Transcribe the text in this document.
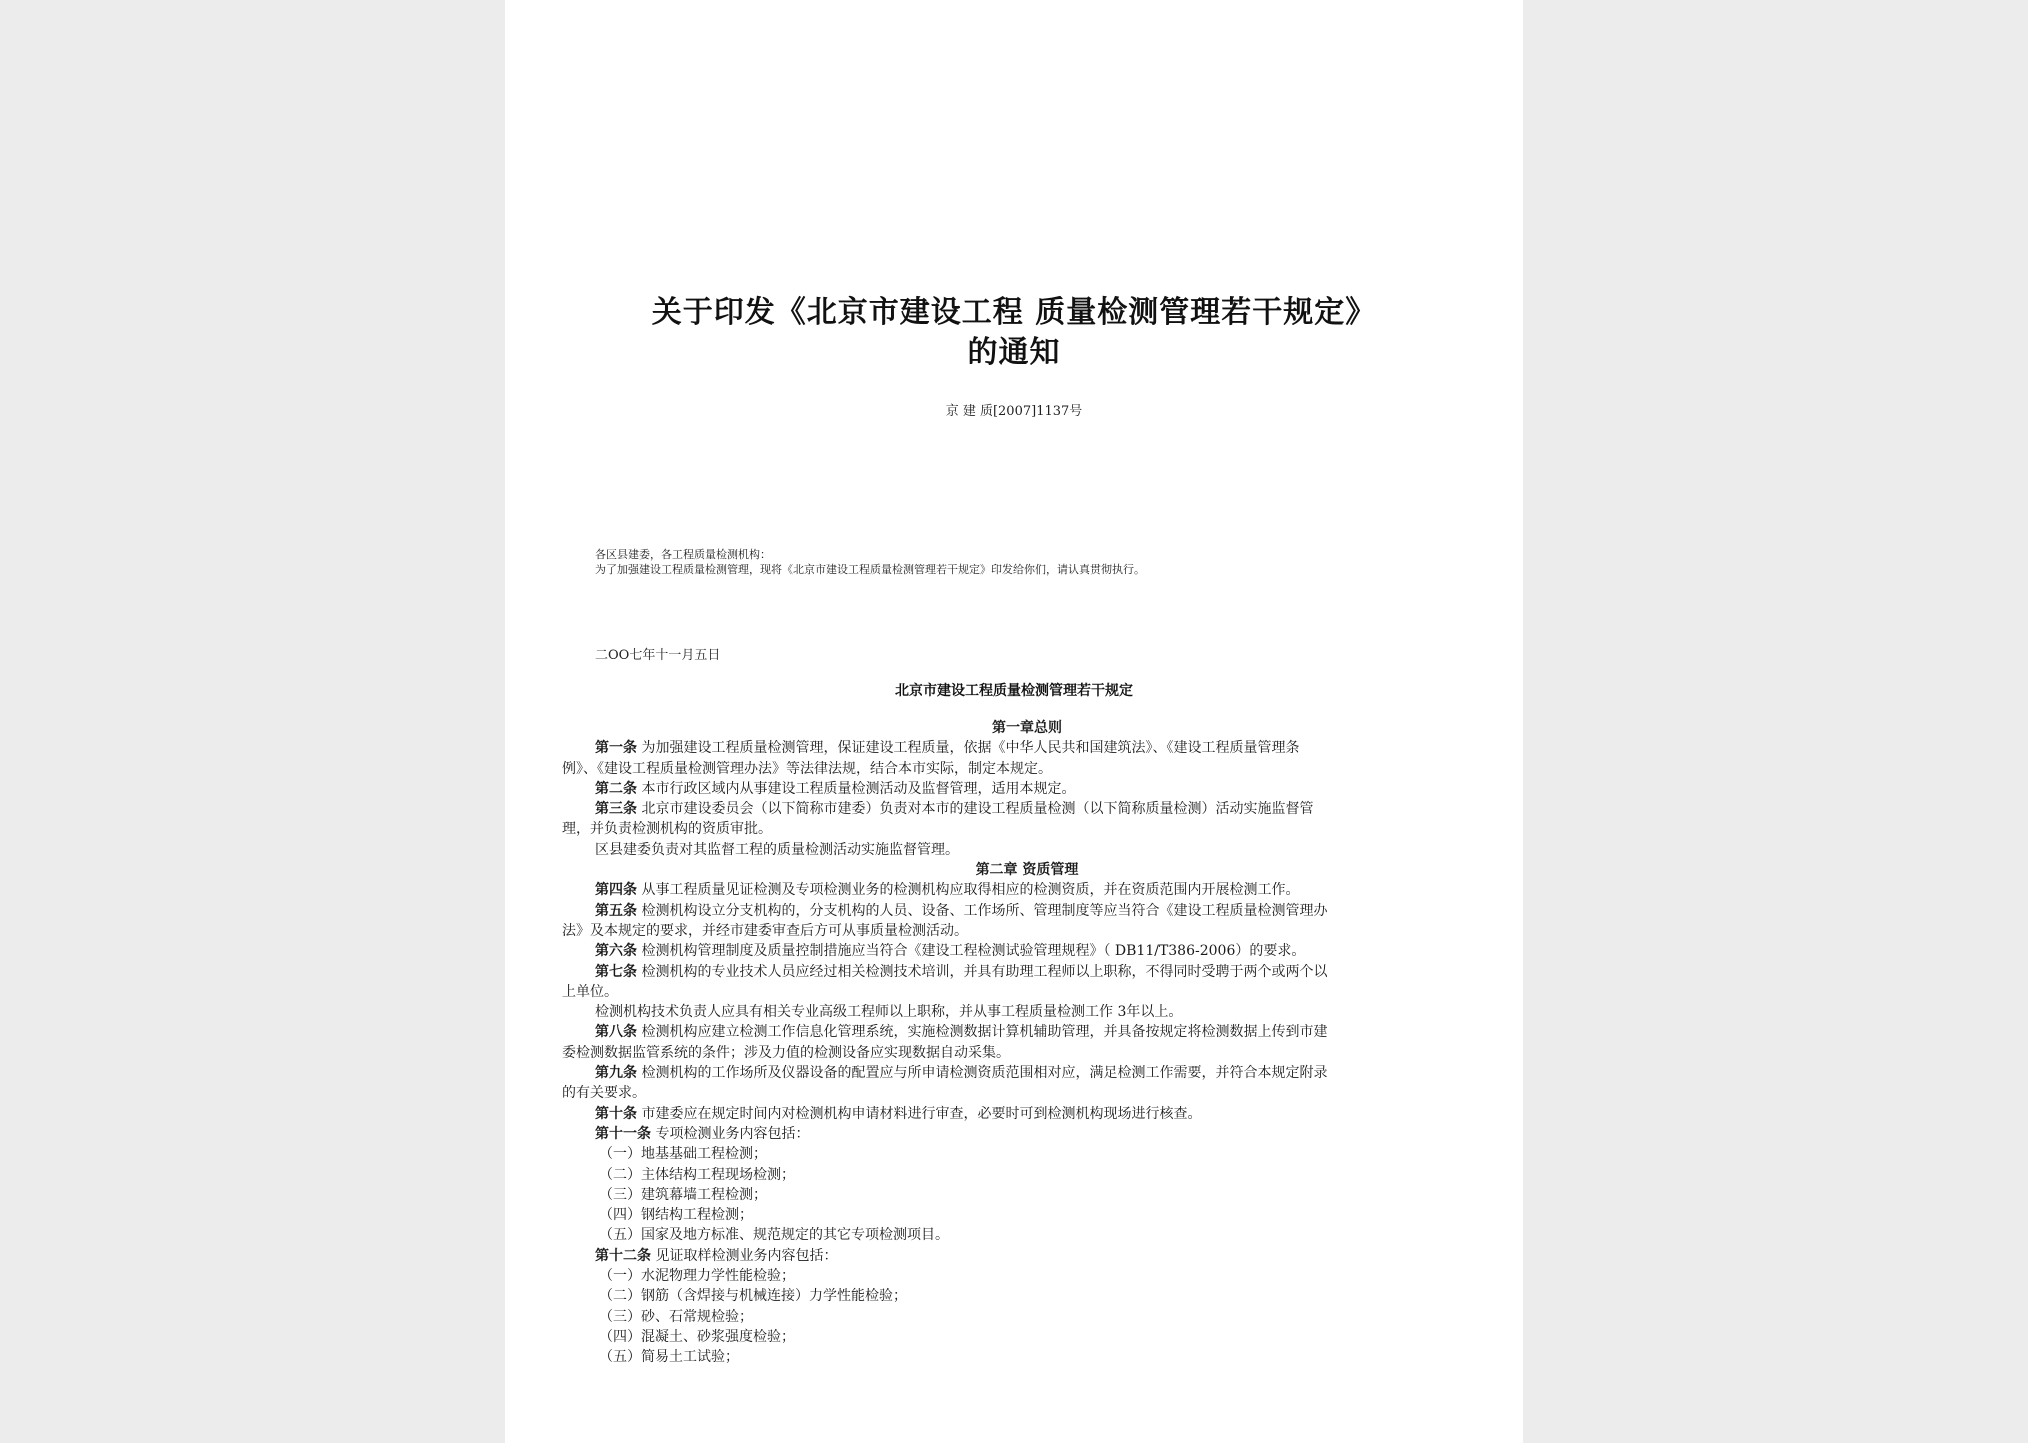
关于印发《北京市建设工程 质量检测管理若干规定》
的通知
京 建 质[2007]1137号
各区县建委，各工程质量检测机构：
为了加强建设工程质量检测管理，现将《北京市建设工程质量检测管理若干规定》印发给你们，请认真贯彻执行。
二OO七年十一月五日
北京市建设工程质量检测管理若干规定
第一章总则
第一条 为加强建设工程质量检测管理，保证建设工程质量，依据《中华人民共和国建筑法》、《建设工程质量管理条
例》、《建设工程质量检测管理办法》等法律法规，结合本市实际，制定本规定。
第二条 本市行政区域内从事建设工程质量检测活动及监督管理，适用本规定。
第三条 北京市建设委员会（以下简称市建委）负责对本市的建设工程质量检测（以下简称质量检测）活动实施监督管
理，并负责检测机构的资质审批。
区县建委负责对其监督工程的质量检测活动实施监督管理。
第二章 资质管理
第四条 从事工程质量见证检测及专项检测业务的检测机构应取得相应的检测资质，并在资质范围内开展检测工作。
第五条 检测机构设立分支机构的，分支机构的人员、设备、工作场所、管理制度等应当符合《建设工程质量检测管理办
法》及本规定的要求，并经市建委审查后方可从事质量检测活动。
第六条 检测机构管理制度及质量控制措施应当符合《建设工程检测试验管理规程》（ DB11/T386-2006）的要求。
第七条 检测机构的专业技术人员应经过相关检测技术培训，并具有助理工程师以上职称，不得同时受聘于两个或两个以
上单位。
检测机构技术负责人应具有相关专业高级工程师以上职称，并从事工程质量检测工作 3年以上。
第八条 检测机构应建立检测工作信息化管理系统，实施检测数据计算机辅助管理，并具备按规定将检测数据上传到市建
委检测数据监管系统的条件；涉及力值的检测设备应实现数据自动采集。
第九条 检测机构的工作场所及仪器设备的配置应与所申请检测资质范围相对应，满足检测工作需要，并符合本规定附录
的有关要求。
第十条 市建委应在规定时间内对检测机构申请材料进行审查，必要时可到检测机构现场进行核查。
第十一条 专项检测业务内容包括：
（一）地基基础工程检测；
（二）主体结构工程现场检测；
（三）建筑幕墙工程检测；
（四）钢结构工程检测；
（五）国家及地方标准、规范规定的其它专项检测项目。
第十二条 见证取样检测业务内容包括：
（一）水泥物理力学性能检验；
（二）钢筋（含焊接与机械连接）力学性能检验；
（三）砂、石常规检验；
（四）混凝土、砂浆强度检验；
（五）简易土工试验；
